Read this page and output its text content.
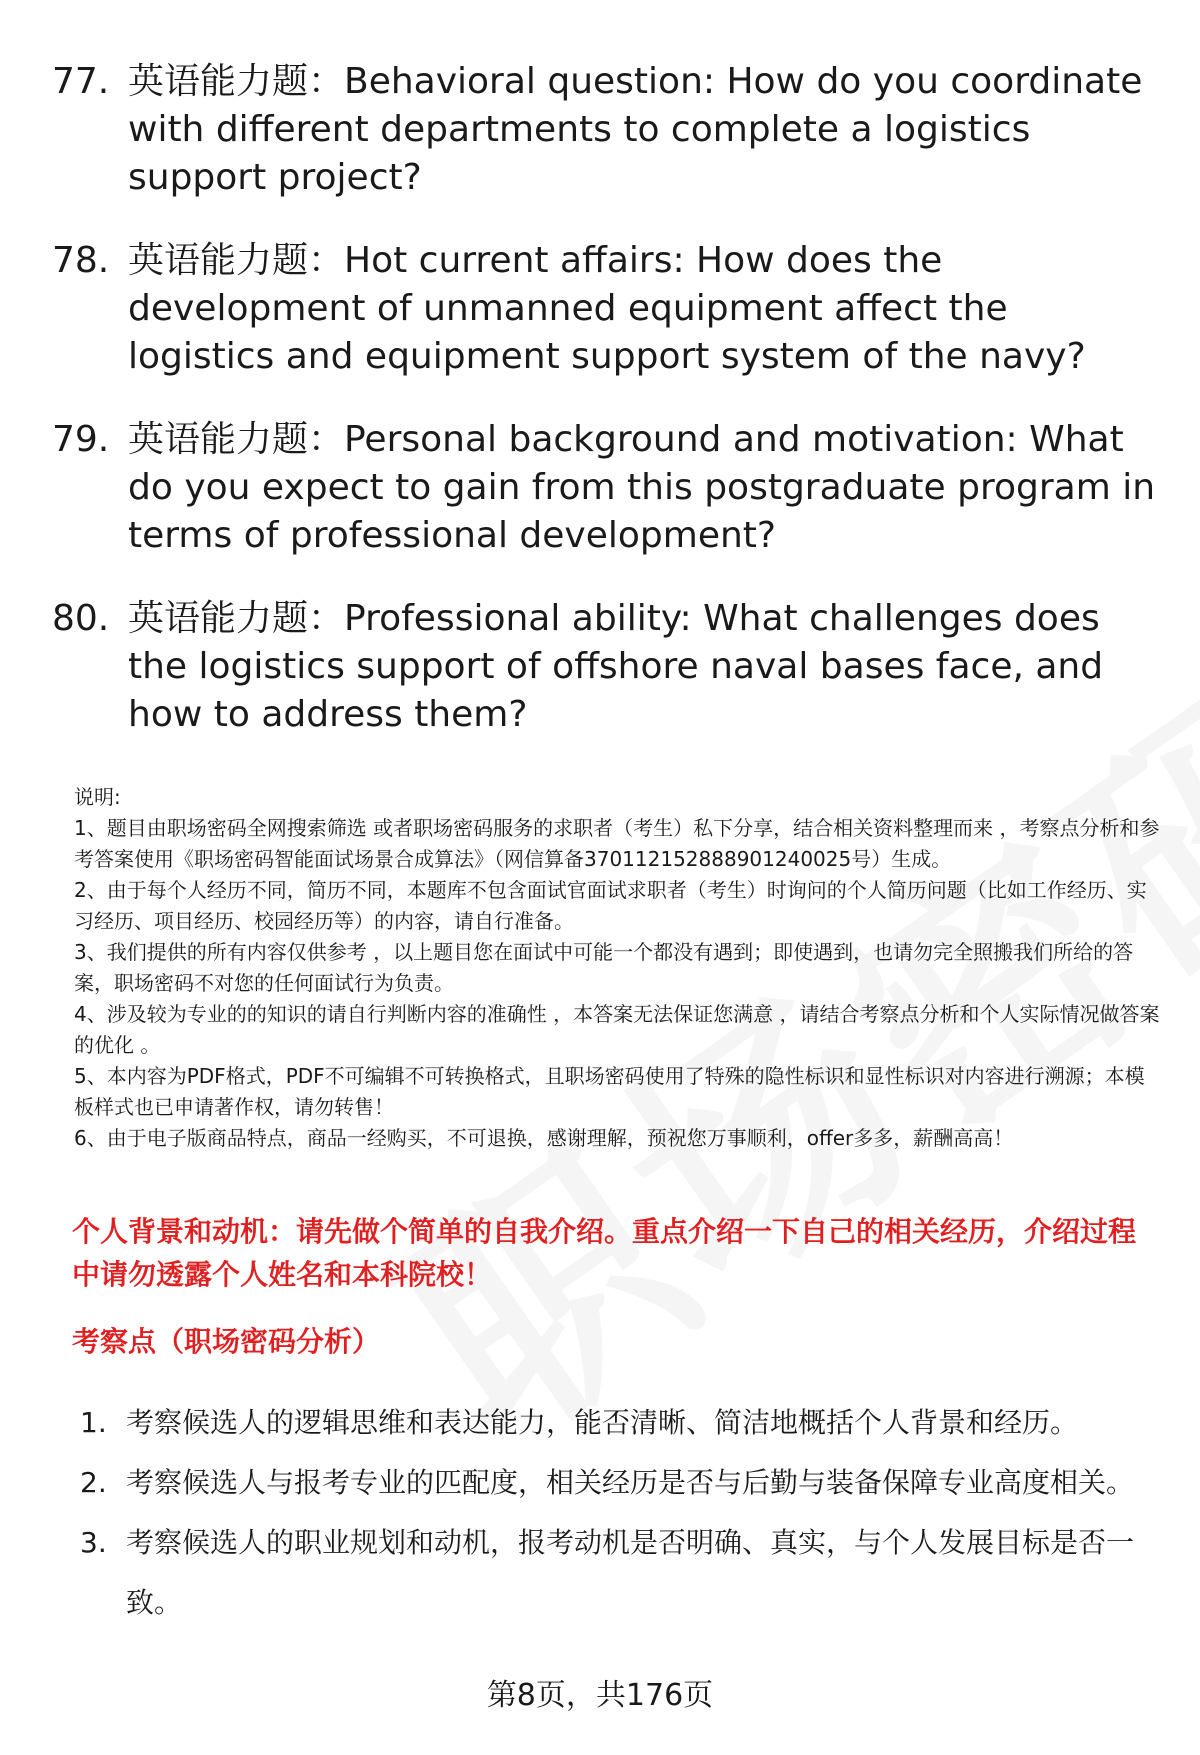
77. 英语能力题：Behavioral question: How do you coordinate with different departments to complete a logistics support project?
78. 英语能力题：Hot current affairs: How does the development of unmanned equipment affect the logistics and equipment support system of the navy?
79. 英语能力题：Personal background and motivation: What do you expect to gain from this postgraduate program in terms of professional development?
80. 英语能力题：Professional ability: What challenges does the logistics support of offshore naval bases face, and how to address them?

说明:

1、题目由职场密码全网搜索筛选 或者职场密码服务的求职者（考生）私下分享，结合相关资料整理而来 ，考察点分析和参考答案使用《职场密码智能面试场景合成算法》（网信算备370112152888901240025号）生成。

2、由于每个人经历不同，简历不同，本题库不包含面试官面试求职者（考生）时询问的个人简历问题（比如工作经历、实习经历、项目经历、校园经历等）的内容，请自行准备。

3、我们提供的所有内容仅供参考 ，以上题目您在面试中可能一个都没有遇到；即使遇到，也请勿完全照搬我们所给的答案，职场密码不对您的任何面试行为负责。

4、涉及较为专业的的知识的请自行判断内容的准确性 ，本答案无法保证您满意 ，请结合考察点分析和个人实际情况做答案的优化 。

5、本内容为PDF格式，PDF不可编辑不可转换格式，且职场密码使用了特殊的隐性标识和显性标识对内容进行溯源；本模板样式也已申请著作权，请勿转售！

6、由于电子版商品特点，商品一经购买，不可退换，感谢理解，预祝您万事顺利，offer多多，薪酬高高！

个人背景和动机：请先做个简单的自我介绍。重点介绍一下自己的相关经历，介绍过程中请勿透露个人姓名和本科院校！
考察点（职场密码分析）
1. 考察候选人的逻辑思维和表达能力，能否清晰、简洁地概括个人背景和经历。
2. 考察候选人与报考专业的匹配度，相关经历是否与后勤与装备保障专业高度相关。
3. 考察候选人的职业规划和动机，报考动机是否明确、真实，与个人发展目标是否一致。
第8页，共176页
